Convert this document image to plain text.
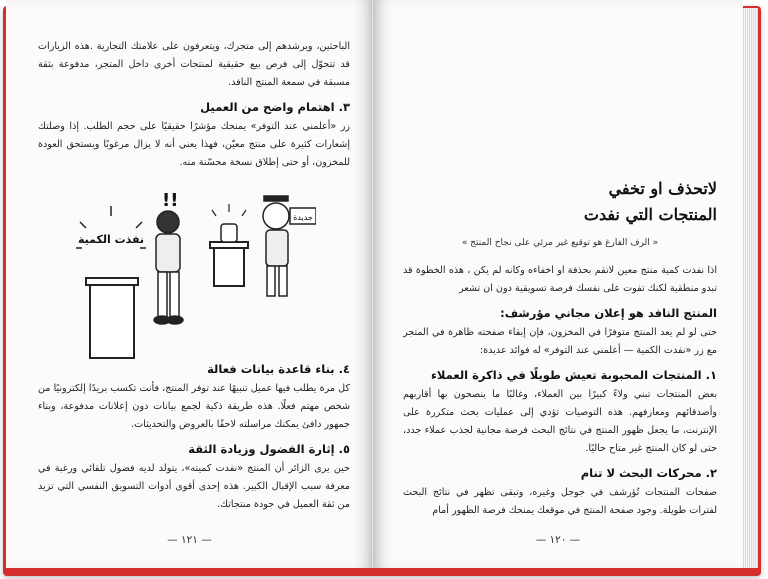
الباحثين، ويرشدهم إلى متجرك، ويتعرفون على علامتك التجارية .هذه الزيارات قد تتحوّل إلى فرص بيع حقيقية لمنتجات أخرى داخل المتجر، مدفوعة بثقة مسبقة في سمعة المنتج النافد.

٣. اهتمام واضح من العميل

زر «أعلمني عند التوفر» يمنحك مؤشرًا حقيقيًا على حجم الطلب. إذا وصلتك إشعارات كثيرة على منتج معيّن، فهذا يعني أنه لا يزال مرغوبًا ويستحق العودة للمخزون، أو حتى إطلاق نسخة محسّنة منه.

٤. بناء قاعدة بيانات فعالة

كل مرة يطلب فيها عميل تنبيهًا عند توفر المنتج، فأنت تكسب بريدًا إلكترونيًا من شخص مهتم فعلًا. هذه طريقة ذكية لجمع بيانات دون إعلانات مدفوعة، وبناء جمهور دافئ يمكنك مراسلته لاحقًا بالعروض والتحديثات.

٥. إثارة الفضول وزيادة الثقة

حين يرى الزائر أن المنتج «نفدت كميته»، يتولد لديه فضول تلقائي ورغبة في معرفة سبب الإقبال الكبير. هذه إحدى أقوى أدوات التسويق النفسي التي تزيد من ثقة العميل في جودة منتجاتك.

نفذت الكمية
!!
جديدة
— ١٢١ —
لاتحذف او تخفي
المنتجات التي نفدت
« الرف الفارغ هو توقيع غير مرئي على نجاح المنتج »

اذا نفدت كمية منتج معين لاتقم بحذفة او اخفاءه وكانه لم يكن ، هذه الخطوة قد تبدو منطقية لكنك تفوت على نفسك فرصة تسويقية دون ان تشعر

المنتج النافد هو إعلان مجاني مؤرشف:

حتى لو لم يعد المنتج متوفرًا في المخزون، فإن إبقاء صفحته ظاهرة في المتجر مع زر «نفدت الكمية — أعلمني عند التوفر» له فوائد عديدة:

١. المنتجات المحبوبة تعيش طويلًا في ذاكرة العملاء

بعض المنتجات تبني ولاءً كبيرًا بين العملاء، وغالبًا ما ينصحون بها أقاربهم وأصدقائهم ومعارفهم. هذه التوصيات تؤدي إلى عمليات بحث متكررة على الإنترنت، ما يجعل ظهور المنتج في نتائج البحث فرصة مجانية لجذب عملاء جدد، حتى لو كان المنتج غير متاح حاليًا.

٢. محركات البحث لا تنام

صفحات المنتجات تُؤرشف في جوجل وغيره، وتبقى تظهر في نتائج البحث لفترات طويلة. وجود صفحة المنتج في موقعك يمنحك فرصة الظهور أمام

— ١٢٠ —
